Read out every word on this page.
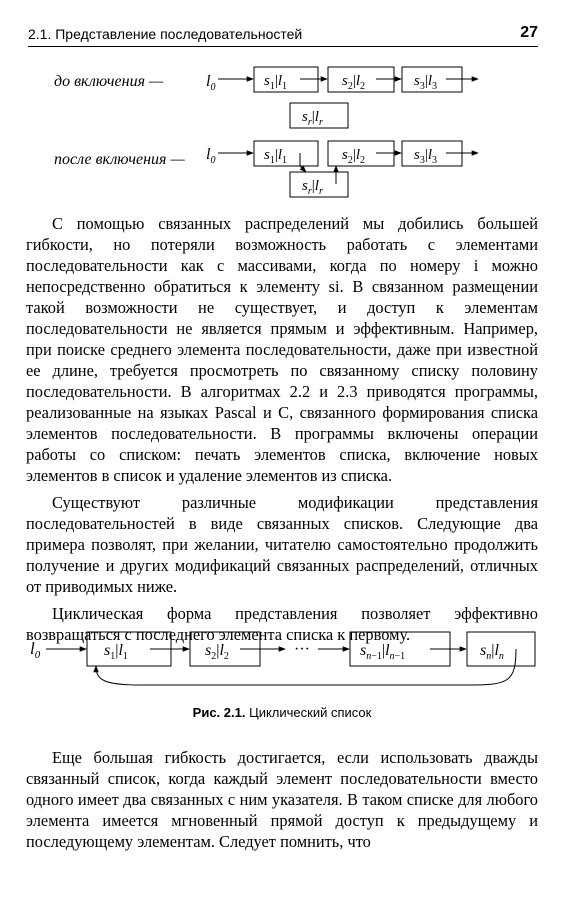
2.1. Представление последовательностей	27
до включения —
после включения —
$l_0$	$s_1|l_1$	$s_2|l_2$	$s_3|l_3$
$s_r|l_r$
$l_0$	$s_1|l_1$	$s_2|l_2$	$s_3|l_3$
$s_r|l_r$

С помощью связанных распределений мы добились большей гибкости, но потеряли возможность работать с элементами последовательности как с массивами, когда по номеру i можно непосредственно обратиться к элементу si. В связанном размещении такой возможности не существует, и доступ к элементам последовательности не является прямым и эффективным. Например, при поиске среднего элемента последовательности, даже при известной ее длине, требуется просмотреть по связанному списку половину последовательности. В алгоритмах 2.2 и 2.3 приводятся программы, реализованные на языках Pascal и C, связанного формирования списка элементов последовательности. В программы включены операции работы со списком: печать элементов списка, включение новых элементов в список и удаление элементов из списка.

Существуют различные модификации представления последовательностей в виде связанных списков. Следующие два примера позволят, при желании, читателю самостоятельно продолжить получение и других модификаций связанных распределений, отличных от приводимых ниже.

Циклическая форма представления позволяет эффективно возвращаться с последнего элемента списка к первому.

$l_0$	$s_1|l_1$	$s_2|l_2$	···	$s_n-1|l_n-1$	$s_n|l_n$
Рис. 2.1. Циклический список

Еще большая гибкость достигается, если использовать дважды связанный список, когда каждый элемент последовательности вместо одного имеет два связанных с ним указателя. В таком списке для любого элемента имеется мгновенный прямой доступ к предыдущему и последующему элементам. Следует помнить, что
